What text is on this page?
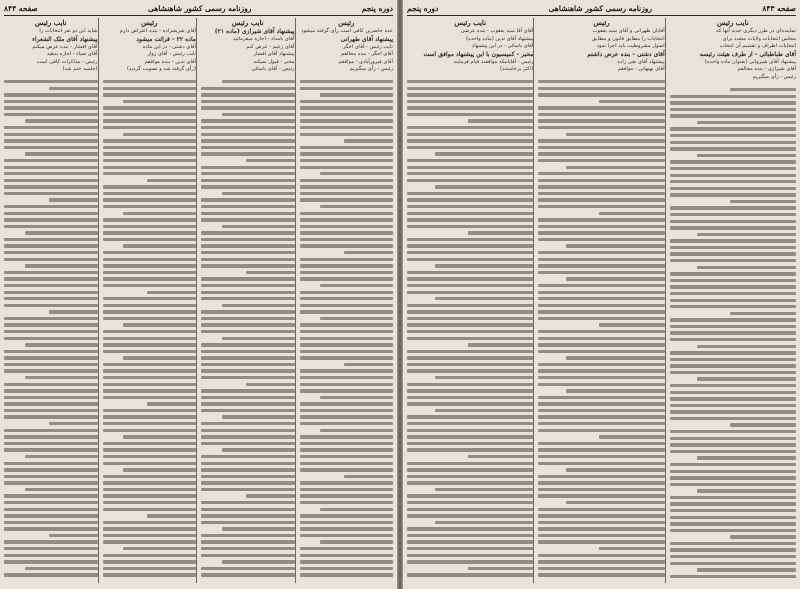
صفحه ۸۴۳
روزنامه رسمی کشور شاهنشاهی
دوره پنجم
نایب رئیس

نماینده‌ای در طرز دیگری جدید آنها که

مجلس انتخابات ولایات متعدد برای

انتخابات اطراف و تقسیم آن انتخاب

آقای طباطبائی - از طرف هیئت رئیسه

پیشنهاد آقای شیروانی (بعنوان ماده واحده)

آقای شیرازی - بنده مخالفم

رئیس - رأی میگیریم

رئیس

آقایان طهرانی و آقای سید یعقوب

انتخابات را مطابق قانون و مطابق

اصول مشروطیت باید اجرا نمود

آقای دشتی - بنده عرض داشتم

پیشنهاد آقای تقی زاده

آقای بهبهانی - موافقم

نایب رئیس

آقای آقا سید یعقوب - بنده عرضی

پیشنهاد آقای تدین (ماده واحده)

آقای یاسائی - در این پیشنهاد

مخبر - کمیسیون با این پیشنهاد موافق است

رئیس - آقایانیکه موافقند قیام فرمایند

(اکثر برخاستند)

دوره پنجم
روزنامه رسمی کشور شاهنشاهی
صفحه ۸۴۴
رئیس

عده حاضرین کافی است رأی گرفته میشود

پیشنهاد آقای طهرانی

نایب رئیس - آقای اخگر

آقای اخگر - بنده مخالفم

آقای فیروزآبادی - موافقم

رئیس - رأی میگیریم

نایب رئیس

پیشنهاد آقای شیرازی (ماده ۲۱)

آقای بامداد - اجازه میفرمائید

آقای زعیم - عرض کنم

پیشنهاد آقای افشار

مخبر - قبول نمیکند

رئیس - آقای یاسائی

رئیس

آقای شریعتزاده - بنده اعتراض دارم

ماده ۲۲ - قرائت میشود

آقای دشتی - در این ماده

نایب رئیس - آقای زوار

آقای تدین - بنده موافقم

(رأی گرفته شد و تصویب گردید)

نایب رئیس

شاید این دو نفر انتخابات را

پیشنهاد آقای ملک الشعراء

آقای افشار - بنده عرض میکنم

آقای ضیاء - اجازه بدهید

رئیس - مذاکرات کافی است

(جلسه ختم شد)
